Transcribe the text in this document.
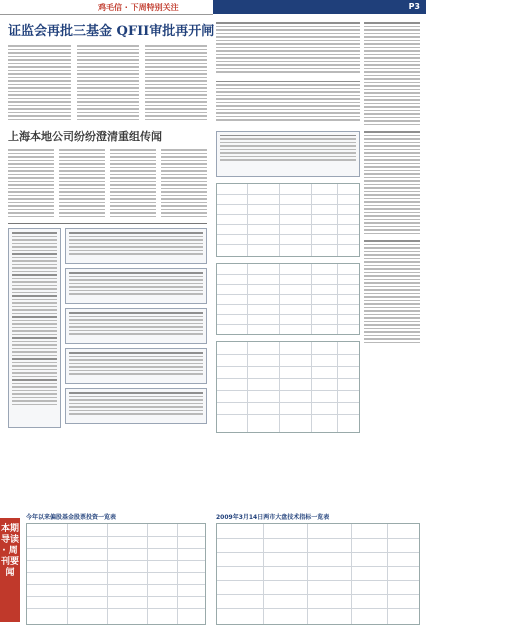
鸡毛信 · 下周特别关注	消息树 · 本周新闻综述
P3
证监会再批三基金 QFII审批再开闸
上海本地公司纷纷澄清重组传闻
本期导读 · 周刊要闻
今年以来偏股基金股票投资一览表	2009年3月14日两市大盘技术指标一览表
